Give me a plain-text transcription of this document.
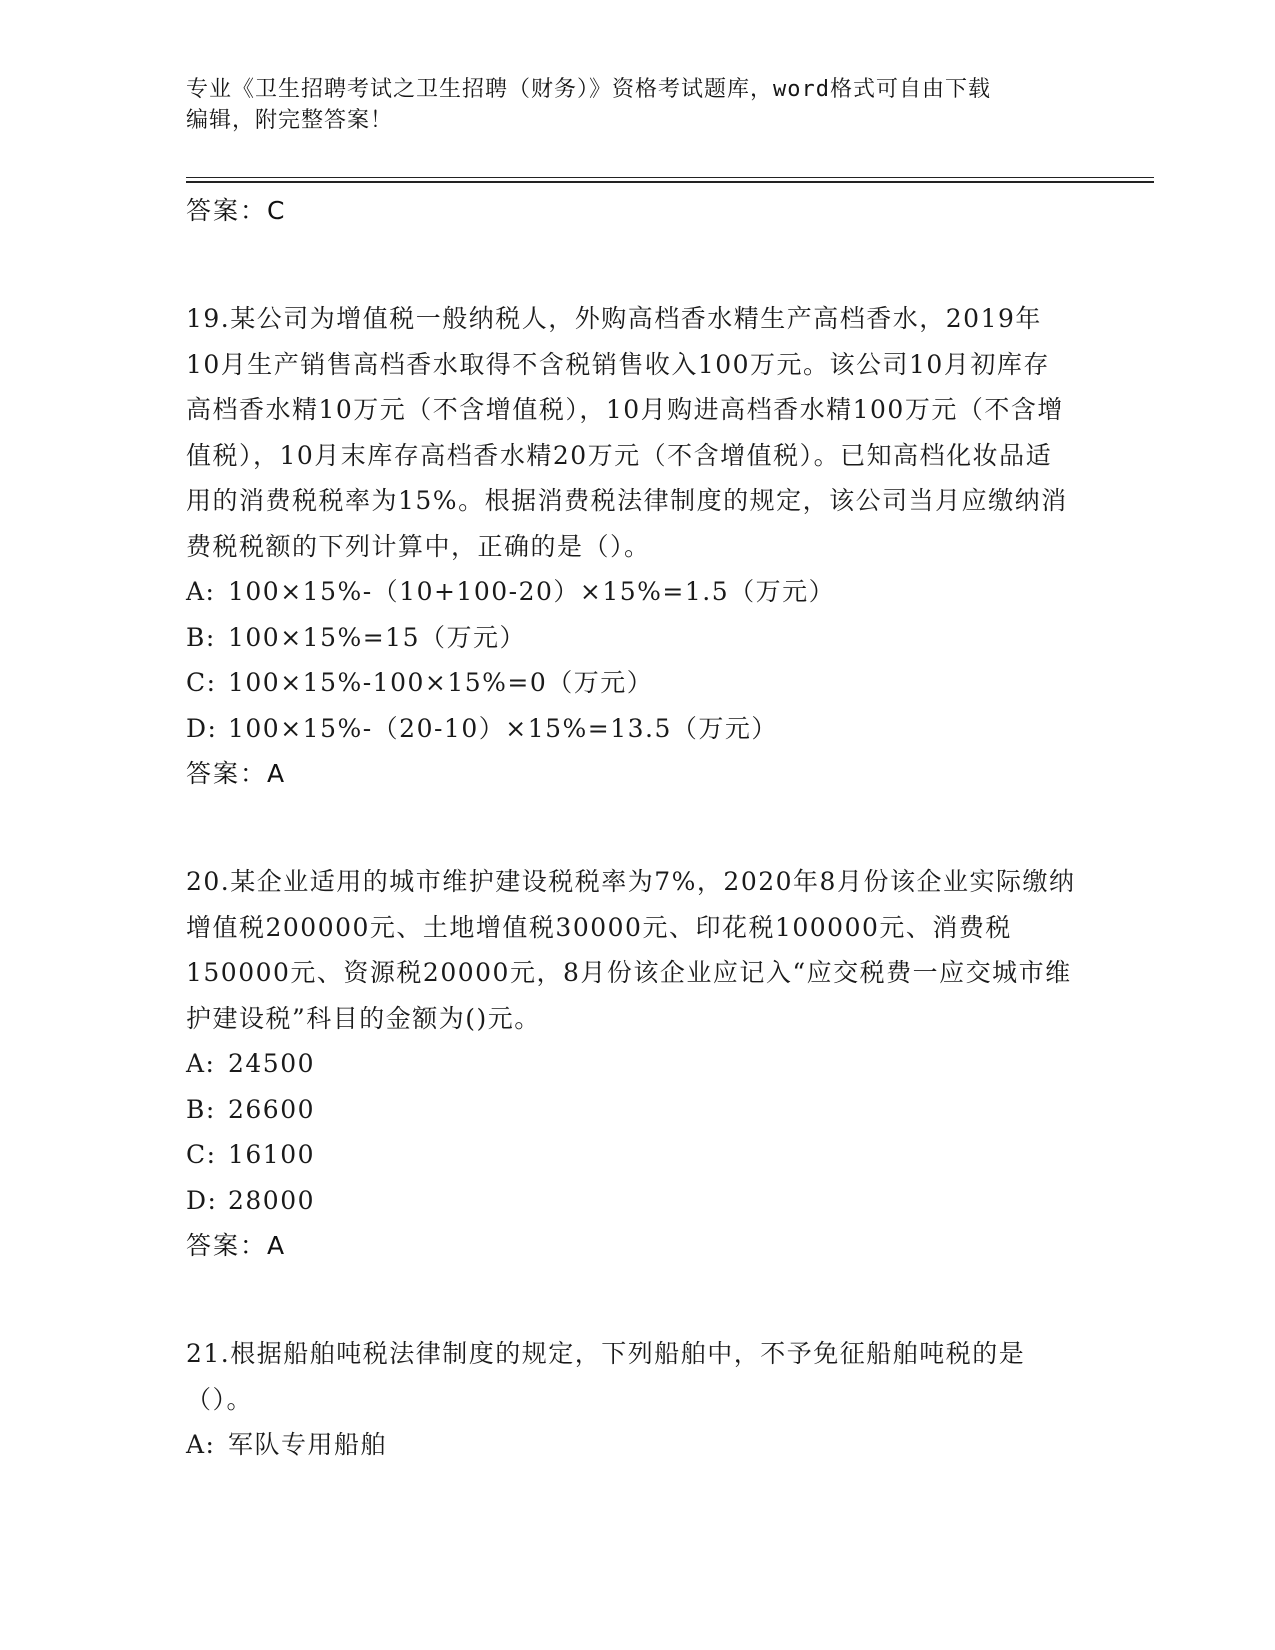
专业《卫生招聘考试之卫生招聘（财务）》资格考试题库，word格式可自由下载
编辑，附完整答案！
答案：C

19.某公司为增值税一般纳税人，外购高档香水精生产高档香水，2019年10月生产销售高档香水取得不含税销售收入100万元。该公司10月初库存高档香水精10万元（不含增值税），10月购进高档香水精100万元（不含增值税），10月末库存高档香水精20万元（不含增值税）。已知高档化妆品适用的消费税税率为15%。根据消费税法律制度的规定，该公司当月应缴纳消费税税额的下列计算中，正确的是（）。

A: 100×15%-（10+100-20）×15%=1.5（万元）
B: 100×15%=15（万元）
C: 100×15%-100×15%=0（万元）
D: 100×15%-（20-10）×15%=13.5（万元）
答案：A

20.某企业适用的城市维护建设税税率为7%，2020年8月份该企业实际缴纳增值税200000元、土地增值税30000元、印花税100000元、消费税150000元、资源税20000元，8月份该企业应记入“应交税费一应交城市维护建设税”科目的金额为()元。

A: 24500
B: 26600
C: 16100
D: 28000
答案：A

21.根据船舶吨税法律制度的规定，下列船舶中，不予免征船舶吨税的是（）。

A: 军队专用船舶
